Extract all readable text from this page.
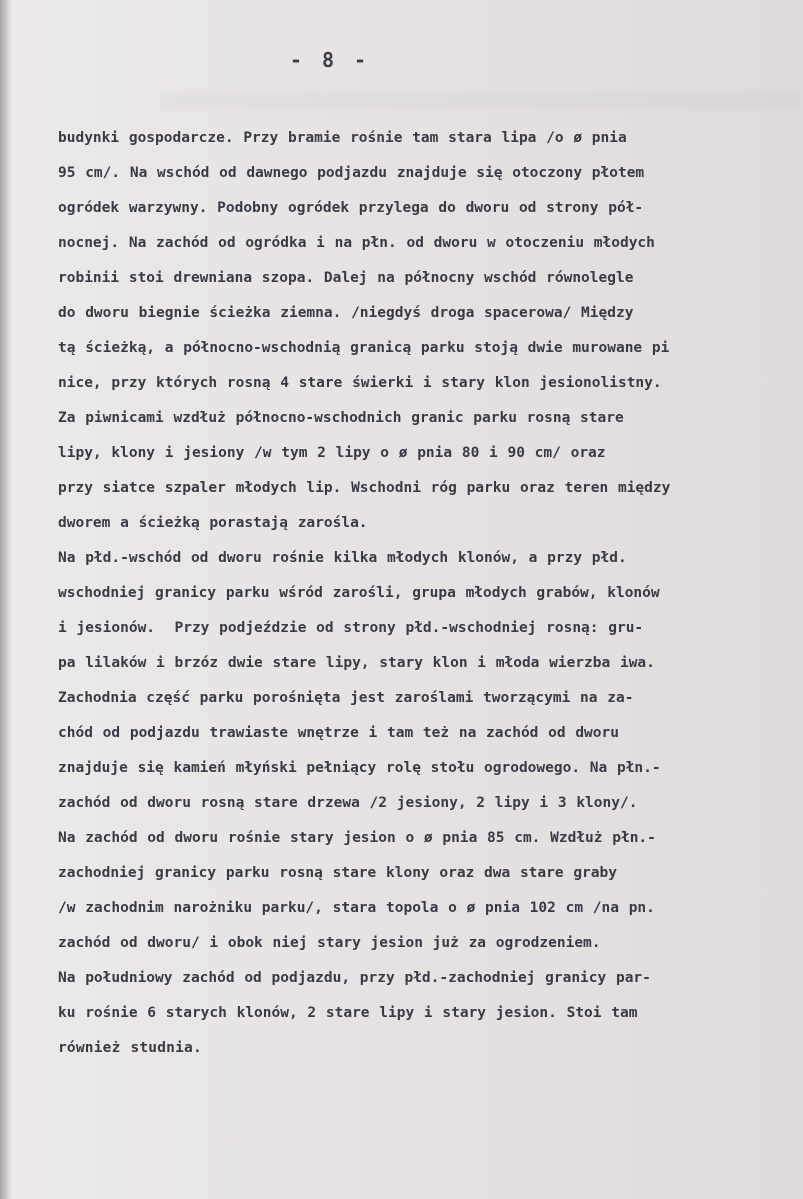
- 8 -
budynki gospodarcze. Przy bramie rośnie tam stara lipa /o ø pnia
95 cm/. Na wschód od dawnego podjazdu znajduje się otoczony płotem
ogródek warzywny. Podobny ogródek przylega do dworu od strony pół-
nocnej. Na zachód od ogródka i na płn. od dworu w otoczeniu młodych
robinii stoi drewniana szopa. Dalej na północny wschód równolegle
do dworu biegnie ścieżka ziemna. /niegdyś droga spacerowa/ Między
tą ścieżką, a północno-wschodnią granicą parku stoją dwie murowane pi
nice, przy których rosną 4 stare świerki i stary klon jesionolistny.
Za piwnicami wzdłuż północno-wschodnich granic parku rosną stare
lipy, klony i jesiony /w tym 2 lipy o ø pnia 80 i 90 cm/ oraz
przy siatce szpaler młodych lip. Wschodni róg parku oraz teren między
dworem a ścieżką porastają zarośla.
Na płd.-wschód od dworu rośnie kilka młodych klonów, a przy płd.
wschodniej granicy parku wśród zarośli, grupa młodych grabów, klonów
i jesionów.  Przy podjeździe od strony płd.-wschodniej rosną: gru-
pa lilaków i brzóz dwie stare lipy, stary klon i młoda wierzba iwa.
Zachodnia część parku porośnięta jest zaroślami tworzącymi na za-
chód od podjazdu trawiaste wnętrze i tam też na zachód od dworu
znajduje się kamień młyński pełniący rolę stołu ogrodowego. Na płn.-
zachód od dworu rosną stare drzewa /2 jesiony, 2 lipy i 3 klony/.
Na zachód od dworu rośnie stary jesion o ø pnia 85 cm. Wzdłuż płn.-
zachodniej granicy parku rosną stare klony oraz dwa stare graby
/w zachodnim narożniku parku/, stara topola o ø pnia 102 cm /na pn.
zachód od dworu/ i obok niej stary jesion już za ogrodzeniem.
Na południowy zachód od podjazdu, przy płd.-zachodniej granicy par-
ku rośnie 6 starych klonów, 2 stare lipy i stary jesion. Stoi tam
również studnia.
